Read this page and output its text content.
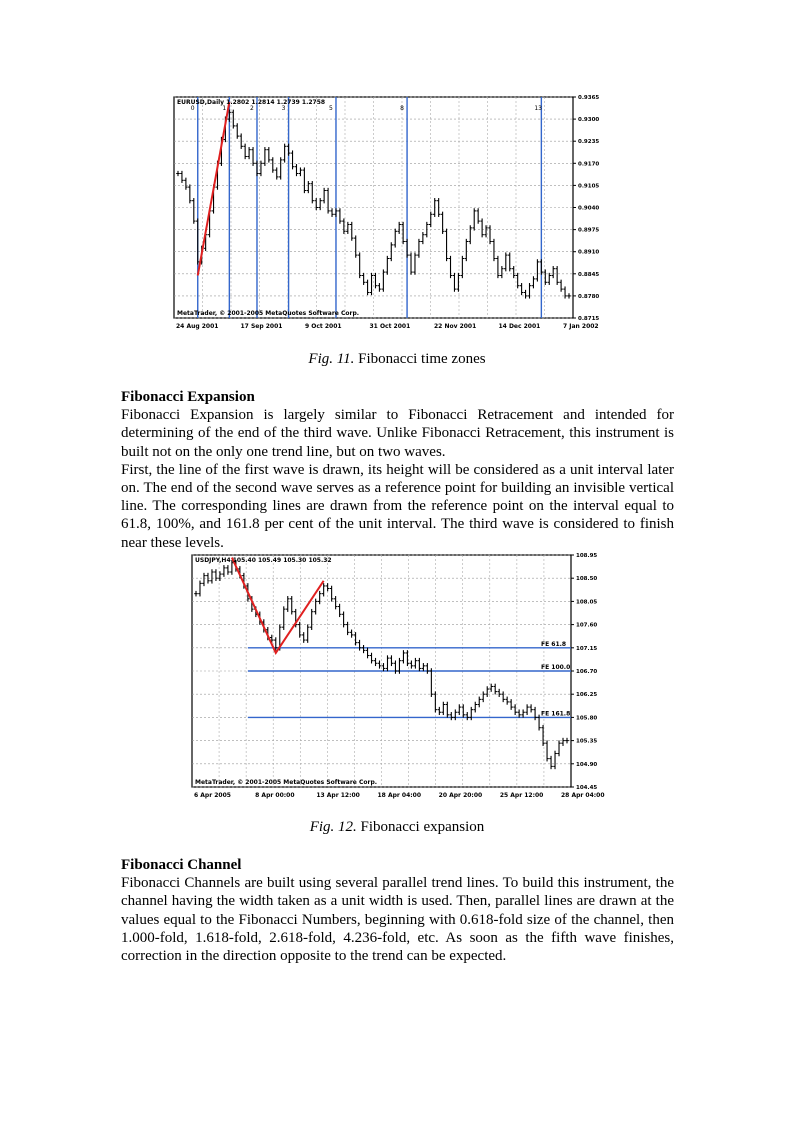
0.9365
0.9300
0.9235
0.9170
0.9105
0.9040
0.8975
0.8910
0.8845
0.8780
0.8715
24 Aug 2001	17 Sep 2001	9 Oct 2001	31 Oct 2001	22 Nov 2001	14 Dec 2001	7 Jan 2002
0	1	2	3	5	8	13
EURUSD,Daily 1.2802 1.2814 1.2739 1.2758
MetaTrader, © 2001-2005 MetaQuotes Software Corp.
Fig. 11. Fibonacci time zones
Fibonacci Expansion

Fibonacci Expansion is largely similar to Fibonacci Retracement and intended for determining of the end of the third wave. Unlike Fibonacci Retracement, this instrument is built not on the only one trend line, but on two waves.

First, the line of the first wave is drawn, its height will be considered as a unit interval later on. The end of the second wave serves as a reference point for building an invisible vertical line. The corresponding lines are drawn from the reference point on the interval equal to 61.8, 100%, and 161.8 per cent of the unit interval. The third wave is considered to finish near these levels.

108.95
108.50
108.05
107.60
107.15
106.70
106.25
105.80
105.35
104.90
104.45
6 Apr 2005	8 Apr 00:00	13 Apr 12:00	18 Apr 04:00	20 Apr 20:00	25 Apr 12:00	28 Apr 04:00
FE 61.8
FE 100.0
FE 161.8
USDJPY,H4 105.40 105.49 105.30 105.32
MetaTrader, © 2001-2005 MetaQuotes Software Corp.
Fig. 12. Fibonacci expansion
Fibonacci Channel

Fibonacci Channels are built using several parallel trend lines. To build this instrument, the channel having the width taken as a unit width is used. Then, parallel lines are drawn at the values equal to the Fibonacci Numbers, beginning with 0.618-fold size of the channel, then 1.000-fold, 1.618-fold, 2.618-fold, 4.236-fold, etc. As soon as the fifth wave finishes, correction in the direction opposite to the trend can be expected.
